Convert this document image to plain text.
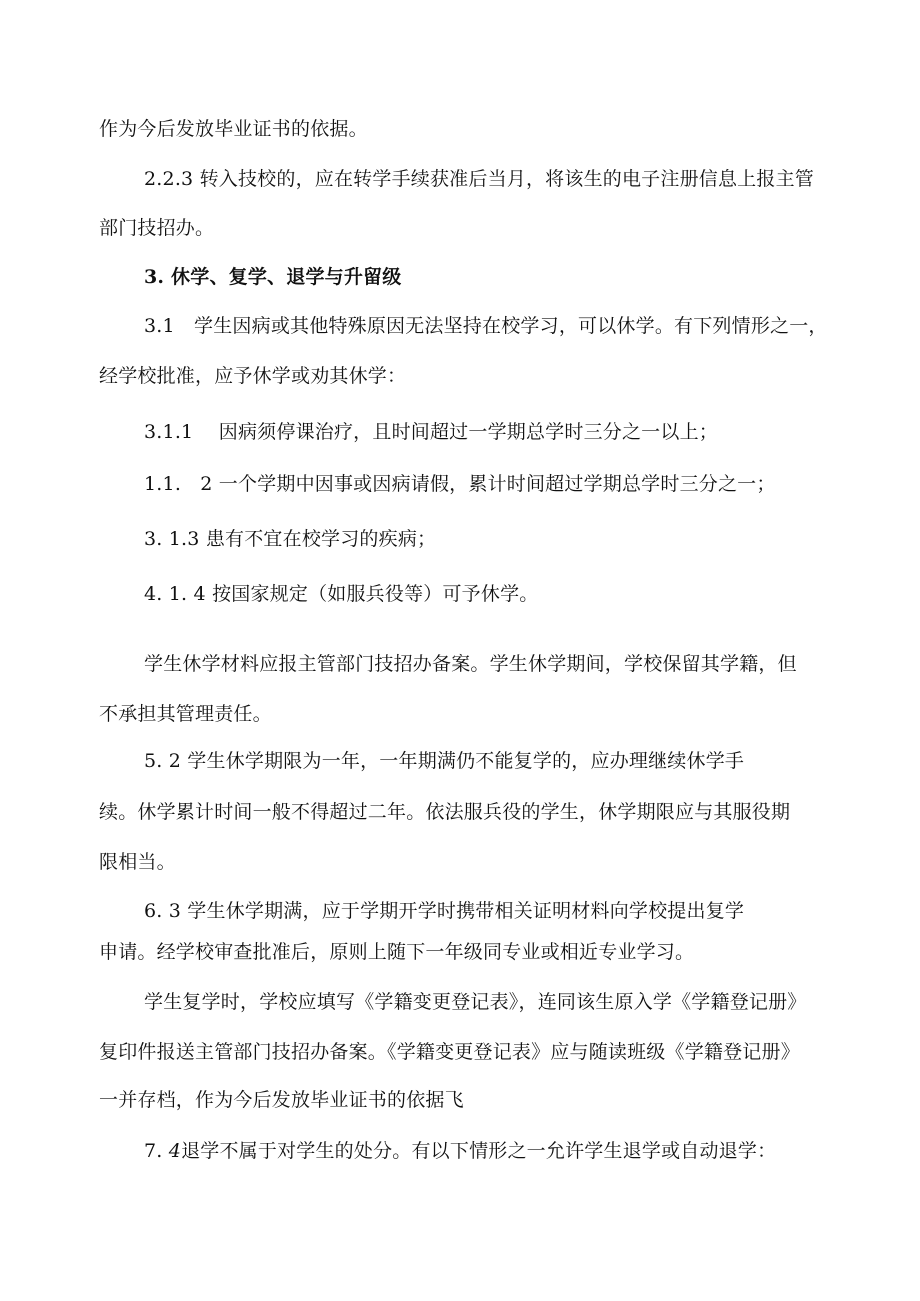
作为今后发放毕业证书的依据。
2.2.3 转入技校的，应在转学手续获准后当月，将该生的电子注册信息上报主管
部门技招办。
3. 休学、复学、退学与升留级
3.1　学生因病或其他特殊原因无法坚持在校学习，可以休学。有下列情形之一，
经学校批准，应予休学或劝其休学：
3.1.1　 因病须停课治疗，且时间超过一学期总学时三分之一以上；
1.1.　2 一个学期中因事或因病请假，累计时间超过学期总学时三分之一；
3. 1.3 患有不宜在校学习的疾病；
4. 1. 4 按国家规定（如服兵役等）可予休学。
学生休学材料应报主管部门技招办备案。学生休学期间，学校保留其学籍，但
不承担其管理责任。
5. 2 学生休学期限为一年，一年期满仍不能复学的，应办理继续休学手
续。休学累计时间一般不得超过二年。依法服兵役的学生，休学期限应与其服役期
限相当。
6. 3 学生休学期满，应于学期开学时携带相关证明材料向学校提出复学
申请。经学校审查批准后，原则上随下一年级同专业或相近专业学习。
学生复学时，学校应填写《学籍变更登记表》，连同该生原入学《学籍登记册》
复印件报送主管部门技招办备案。《学籍变更登记表》应与随读班级《学籍登记册》
一并存档，作为今后发放毕业证书的依据飞
7. 4退学不属于对学生的处分。有以下情形之一允许学生退学或自动退学：
